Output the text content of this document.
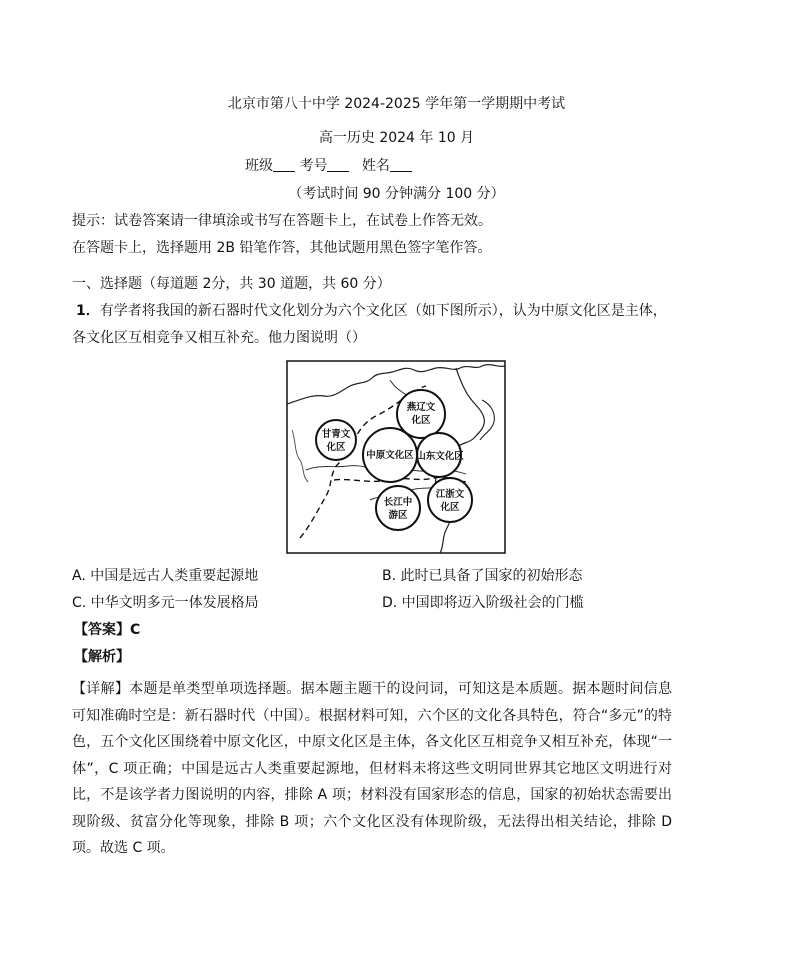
北京市第八十中学 2024-2025 学年第一学期期中考试
高一历史 2024 年 10 月
班级 考号 姓名
（考试时间 90 分钟满分 100 分）
提示：试卷答案请一律填涂或书写在答题卡上，在试卷上作答无效。
在答题卡上，选择题用 2B 铅笔作答，其他试题用黑色签字笔作答。
一、选择题（每道题 2分，共 30 道题，共 60 分）
1．有学者将我国的新石器时代文化划分为六个文化区（如下图所示），认为中原文化区是主体，
各文化区互相竞争又相互补充。他力图说明（）
燕辽文
化区
甘青文
化区
中原文化区 山东文化区
长江中
游区
江浙文
化区
A. 中国是远古人类重要起源地	B. 此时已具备了国家的初始形态
C. 中华文明多元一体发展格局	D. 中国即将迈入阶级社会的门槛
【答案】C
【解析】
【详解】本题是单类型单项选择题。据本题主题干的设问词，可知这是本质题。据本题时间信息可知准确时空是：新石器时代（中国）。根据材料可知，六个区的文化各具特色，符合“多元”的特色，五个文化区围绕着中原文化区，中原文化区是主体，各文化区互相竞争又相互补充，体现“一体”，C 项正确；中国是远古人类重要起源地，但材料未将这些文明同世界其它地区文明进行对比，不是该学者力图说明的内容，排除 A 项；材料没有国家形态的信息，国家的初始状态需要出现阶级、贫富分化等现象，排除 B 项；六个文化区没有体现阶级，无法得出相关结论，排除 D 项。故选 C 项。
